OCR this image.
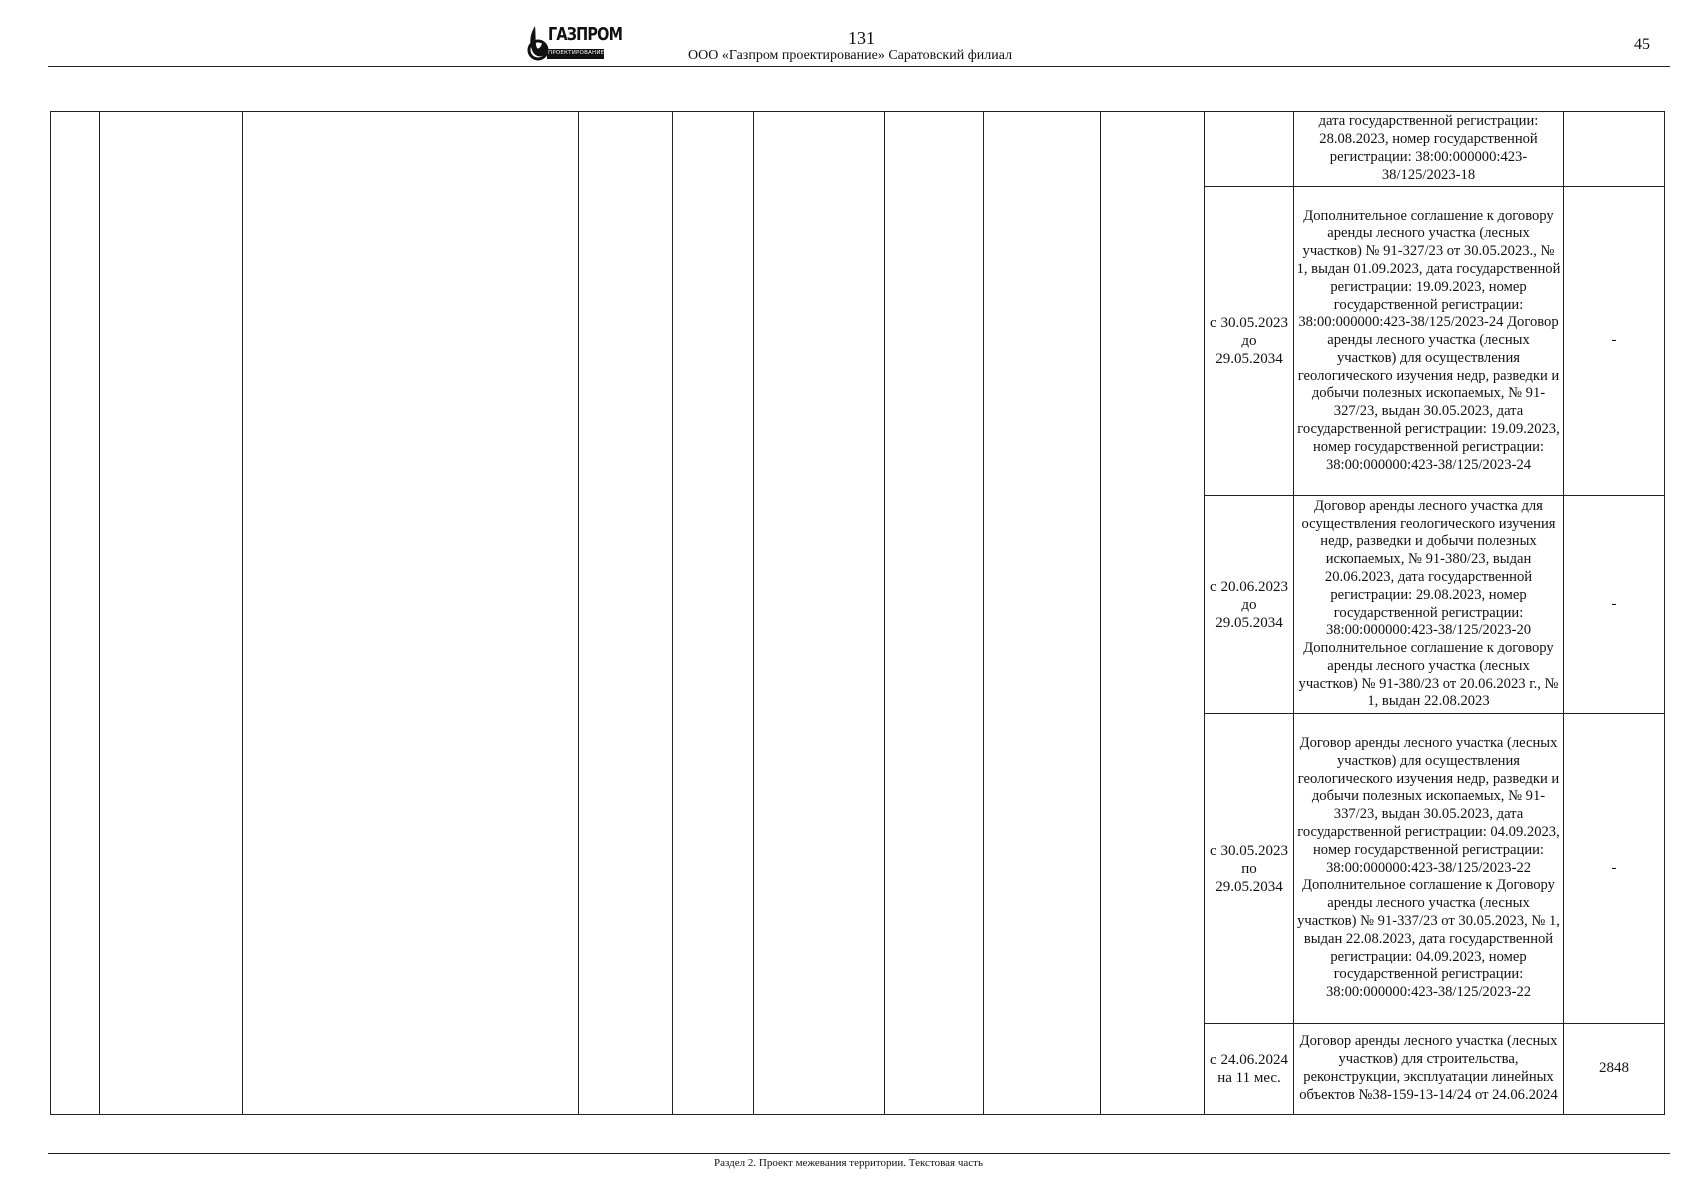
ГАЗПРОМ
ПРОЕКТИРОВАНИЕ
131
ООО «Газпром проектирование» Саратовский филиал
45
										дата государственной регистрации: 28.08.2023, номер государственной регистрации: 38:00:000000:423-38/125/2023-18	
									с 30.05.2023 до 29.05.2034	Дополнительное соглашение к договору аренды лесного участка (лесных участков) № 91-327/23 от 30.05.2023., № 1, выдан 01.09.2023, дата государственной регистрации: 19.09.2023, номер государственной регистрации: 38:00:000000:423-38/125/2023-24 Договор аренды лесного участка (лесных участков) для осуществления геологического изучения недр, разведки и добычи полезных ископаемых, № 91-327/23, выдан 30.05.2023, дата государственной регистрации: 19.09.2023, номер государственной регистрации: 38:00:000000:423-38/125/2023-24	-
									с 20.06.2023 до 29.05.2034	Договор аренды лесного участка для осуществления геологического изучения недр, разведки и добычи полезных ископаемых, № 91-380/23, выдан 20.06.2023, дата государственной регистрации: 29.08.2023, номер государственной регистрации: 38:00:000000:423-38/125/2023-20 Дополнительное соглашение к договору аренды лесного участка (лесных участков) № 91-380/23 от 20.06.2023 г., № 1, выдан 22.08.2023	-
									с 30.05.2023 по 29.05.2034	Договор аренды лесного участка (лесных участков) для осуществления геологического изучения недр, разведки и добычи полезных ископаемых, № 91-337/23, выдан 30.05.2023, дата государственной регистрации: 04.09.2023, номер государственной регистрации: 38:00:000000:423-38/125/2023-22 Дополнительное соглашение к Договору аренды лесного участка (лесных участков) № 91-337/23 от 30.05.2023, № 1, выдан 22.08.2023, дата государственной регистрации: 04.09.2023, номер государственной регистрации: 38:00:000000:423-38/125/2023-22	-
									с 24.06.2024 на 11 мес.	Договор аренды лесного участка (лесных участков) для строительства, реконструкции, эксплуатации линейных объектов №38-159-13-14/24 от 24.06.2024	2848
Раздел 2. Проект межевания территории. Текстовая часть
